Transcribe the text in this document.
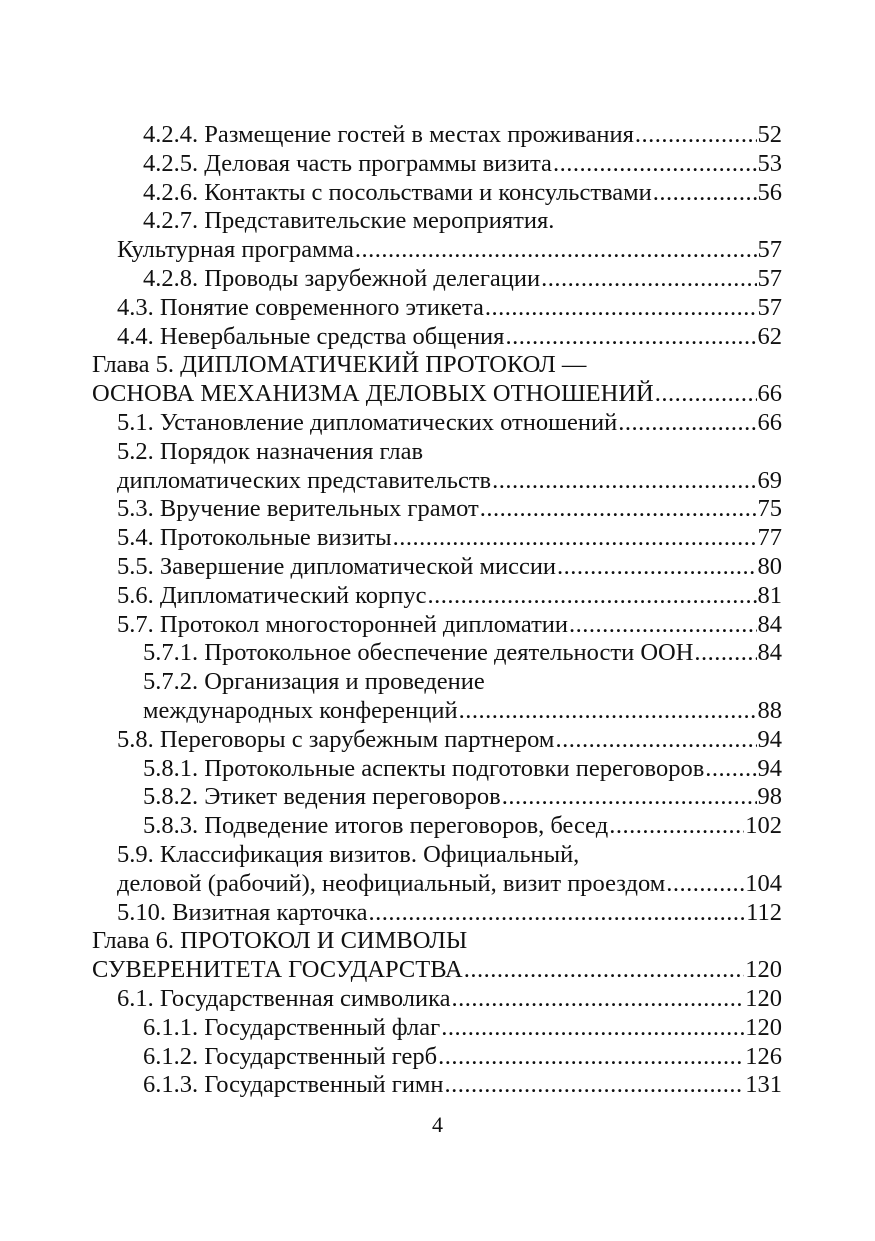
4.2.4. Размещение гостей в местах проживания .....	52
4.2.5. Деловая часть программы визита .....	53
4.2.6. Контакты с посольствами и консульствами .....	56
4.2.7. Представительские мероприятия.
Культурная программа .....	57
4.2.8. Проводы зарубежной делегации .....	57
4.3. Понятие современного этикета .....	57
4.4. Невербальные средства общения .....	62
Глава 5. ДИПЛОМАТИЧЕКИЙ ПРОТОКОЛ —
ОСНОВА МЕХАНИЗМА ДЕЛОВЫХ ОТНОШЕНИЙ .....	66
5.1. Установление дипломатических отношений .....	66
5.2. Порядок назначения глав
дипломатических представительств .....	69
5.3. Вручение верительных грамот .....	75
5.4. Протокольные визиты .....	77
5.5. Завершение дипломатической миссии .....	80
5.6. Дипломатический корпус .....	81
5.7. Протокол многосторонней дипломатии .....	84
5.7.1. Протокольное обеспечение деятельности ООН .....	84
5.7.2. Организация и проведение
международных конференций .....	88
5.8. Переговоры с зарубежным партнером .....	94
5.8.1. Протокольные аспекты подготовки переговоров ..... 94
5.8.2. Этикет ведения переговоров .....	98
5.8.3. Подведение итогов переговоров, бесед .....	102
5.9. Классификация визитов. Официальный,
деловой (рабочий), неофициальный, визит проездом .....	104
5.10. Визитная карточка .....	112
Глава 6. ПРОТОКОЛ И СИМВОЛЫ
СУВЕРЕНИТЕТА ГОСУДАРСТВА .....	120
6.1. Государственная символика .....	120
6.1.1. Государственный флаг .....	120
6.1.2. Государственный герб .....	126
6.1.3. Государственный гимн .....	131
4
